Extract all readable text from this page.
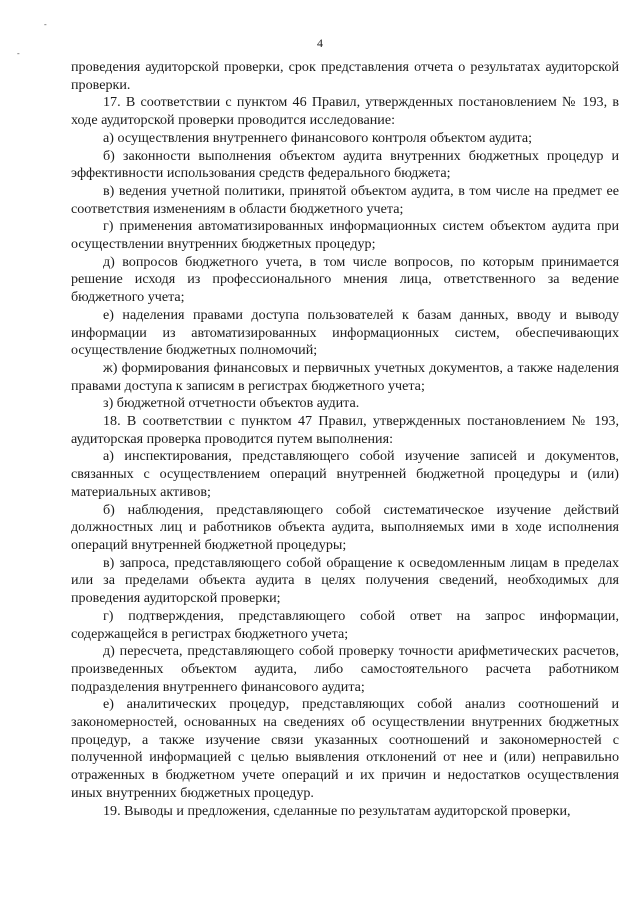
-
-
4

проведения аудиторской проверки, срок представления отчета о результатах аудиторской проверки.

17. В соответствии с пунктом 46 Правил, утвержденных постановлением № 193, в ходе аудиторской проверки проводится исследование:

а) осуществления внутреннего финансового контроля объектом аудита;

б) законности выполнения объектом аудита внутренних бюджетных процедур и эффективности использования средств федерального бюджета;

в) ведения учетной политики, принятой объектом аудита, в том числе на предмет ее соответствия изменениям в области бюджетного учета;

г) применения автоматизированных информационных систем объектом аудита при осуществлении внутренних бюджетных процедур;

д) вопросов бюджетного учета, в том числе вопросов, по которым принимается решение исходя из профессионального мнения лица, ответственного за ведение бюджетного учета;

е) наделения правами доступа пользователей к базам данных, вводу и выводу информации из автоматизированных информационных систем, обеспечивающих осуществление бюджетных полномочий;

ж) формирования финансовых и первичных учетных документов, а также наделения правами доступа к записям в регистрах бюджетного учета;

з) бюджетной отчетности объектов аудита.

18. В соответствии с пунктом 47 Правил, утвержденных постановлением № 193, аудиторская проверка проводится путем выполнения:

а) инспектирования, представляющего собой изучение записей и документов, связанных с осуществлением операций внутренней бюджетной процедуры и (или) материальных активов;

б) наблюдения, представляющего собой систематическое изучение действий должностных лиц и работников объекта аудита, выполняемых ими в ходе исполнения операций внутренней бюджетной процедуры;

в) запроса, представляющего собой обращение к осведомленным лицам в пределах или за пределами объекта аудита в целях получения сведений, необходимых для проведения аудиторской проверки;

г) подтверждения, представляющего собой ответ на запрос информации, содержащейся в регистрах бюджетного учета;

д) пересчета, представляющего собой проверку точности арифметических расчетов, произведенных объектом аудита, либо самостоятельного расчета работником подразделения внутреннего финансового аудита;

е) аналитических процедур, представляющих собой анализ соотношений и закономерностей, основанных на сведениях об осуществлении внутренних бюджетных процедур, а также изучение связи указанных соотношений и закономерностей с полученной информацией с целью выявления отклонений от нее и (или) неправильно отраженных в бюджетном учете операций и их причин и недостатков осуществления иных внутренних бюджетных процедур.

19. Выводы и предложения, сделанные по результатам аудиторской проверки,
